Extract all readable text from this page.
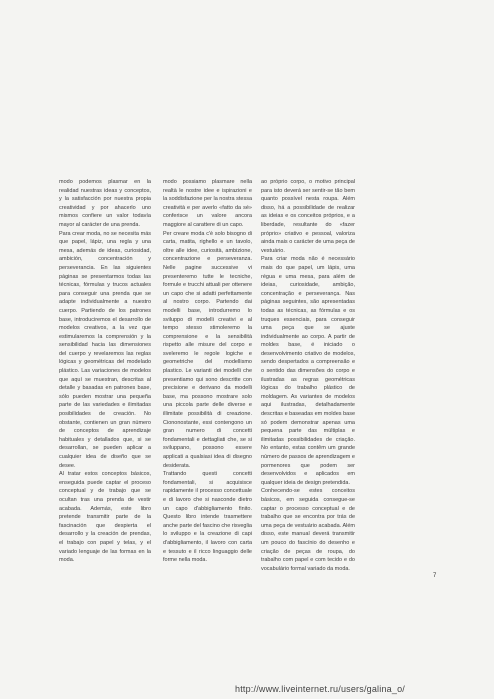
modo podemos plasmar en la realidad nuestras ideas y conceptos, y la satisfacción por nuestra propia creatividad y por ahacerlo uno mismos confiere un valor todavía mayor al carácter de una prenda.
Para crear moda, no se necesita más que papel, lápiz, una regla y una mesa, además de ideas, curiosidad, ambición, concentración y perseverancia. En las siguientes páginas se presentarmos todas las técnicas, fórmulas y trucos actuales para conseguir una prenda que se adapte individualmente a nuestro cuerpo. Partiendo de los patrones base, introduciremos el desarrollo de modelos creativos, a la vez que estimularemos la comprensión y la sensibilidad hacia las dimensiones del cuerpo y revelaremos las reglas lógicas y geométricas del modelado plástico. Las variaciones de modelos que aquí se muestran, descritas al detalle y basadas en patrones base, sólo pueden mostrar una pequeña parte de las variedades e ilimitadas posibilidades de creación. No obstante, contienen un gran número de conceptos de aprendizaje habituales y detallados que, si se desarrollan, se pueden aplicar a cualquier idea de diseño que se desee.
Al tratar estos conceptos básicos, enseguida puede captar el proceso conceptual y de trabajo que se ocultan tras una prenda de vestir acabada. Además, este libro pretende transmitir parte de la fascinación que despierta el desarrollo y la creación de prendas, el trabajo con papel y telas, y el variado lenguaje de las formas en la moda.
modo possiamo plasmare nella realtà le nostre idee e ispirazioni e la soddisfazione per la nostra stessa creatività e per averlo «fatto da sé» conferisce un valore ancora maggiore al carattere di un capo.
Per creare moda c'è solo bisogno di carta, matita, righello e un tavolo, oltre alle idee, curiosità, ambizione, concentrazione e perseveranza. Nelle pagine successive vi presenteremo tutte le tecniche, formule e trucchi attuali per ottenere un capo che si adatti perfettamente al nostro corpo. Partendo dai modelli base, introdurremo lo sviluppo di modelli creativi e al tempo stesso stimoleremo la comprensione e la sensibilità rispetto alle misure del corpo e sveleremo le regole logiche e geometriche del modellismo plastico. Le varianti dei modelli che presentiamo qui sono descritte con precisione e derivano da modelli base, ma possono mostrare solo una piccola parte delle diverse e illimitate possibilità di creazione. Ciononostante, essi contengono un gran numero di concetti fondamentali e dettagliati che, se si sviluppano, possono essere applicati a qualsiasi idea di disegno desiderata.
Trattando questi concetti fondamentali, si acquisisce rapidamente il processo concettuale e di lavoro che si nasconde dietro un capo d'abbigliamento finito. Questo libro intende trasmettere anche parte del fascino che risveglia lo sviluppo e la creazione di capi d'abbigliamento, il lavoro con carta e tessuto e il ricco linguaggio delle forme nella moda.
ao próprio corpo, o motivo principal para isto deverá ser sentir-se tão bem quanto possível nesta roupa. Além disso, há a possibilidade de realizar as ideias e os conceitos próprios, e a liberdade, resultante do «fazer próprio» criativo e pessoal, valoriza ainda mais o carácter de uma peça de vestuário.
Para criar moda não é necessário mais do que papel, um lápis, uma régua e uma mesa, para além de ideias, curiosidade, ambição, concentração e perseverança. Nas páginas seguintes, são apresentadas todas as técnicas, as fórmulas e os truques essenciais, para conseguir uma peça que se ajuste individualmente ao corpo. A partir de moldes base, é iniciado o desenvolvimento criativo de modelos, sendo despertados a compreensão e o sentido das dimensões do corpo e ilustradas as regras geométricas lógicas do trabalho plástico de moldagem. As variantes de modelos aqui ilustradas, detalhadamente descritas e baseadas em moldes base só podem demonstrar apenas uma pequena parte das múltiplas e ilimitadas possibilidades de criação. No entanto, estas contêm um grande número de passos de aprendizagem e pormenores que podem ser desenvolvidos e aplicados em qualquer ideia de design pretendida.
Conhecendo-se estes conceitos básicos, em seguida consegue-se captar o processo conceptual e de trabalho que se encontra por trás de uma peça de vestuário acabada. Além disso, este manual deverá transmitir um pouco do fascínio do desenho e criação de peças de roupa, do trabalho com papel e com tecido e do vocabulário formal variado da moda.
7
http://www.liveinternet.ru/users/galina_o/
